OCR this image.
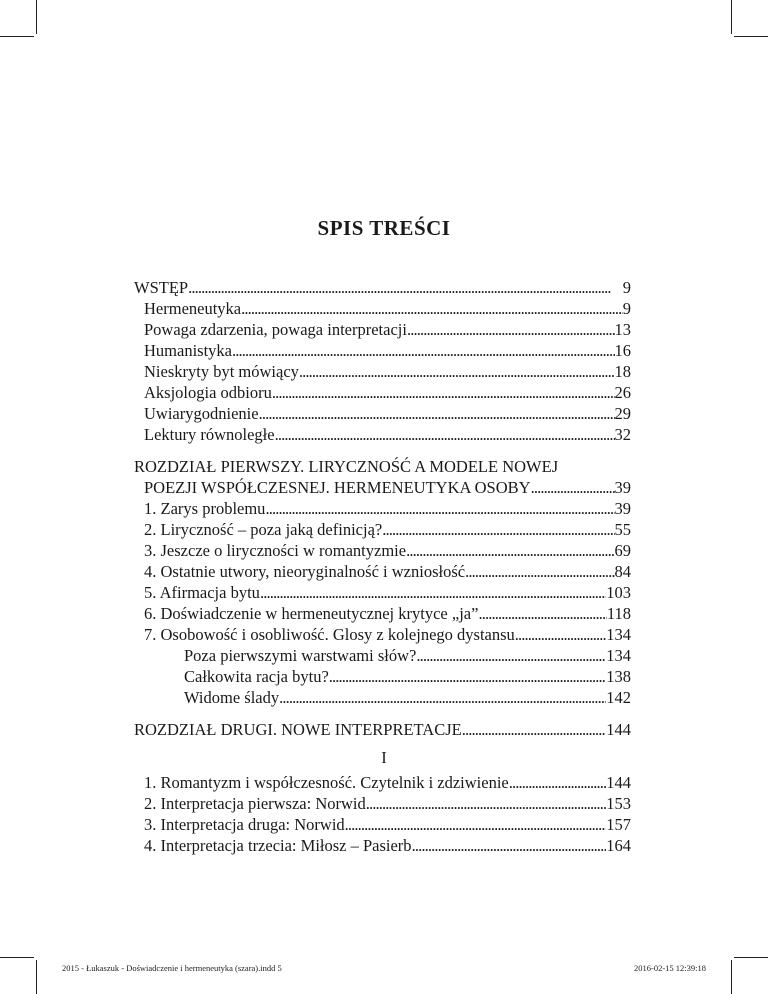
SPIS TREŚCI
WSTĘP . . .	9
Hermeneutyka . . .	9
Powaga zdarzenia, powaga interpretacji . . .	13
Humanistyka . . .	16
Nieskryty byt mówiący . . .	18
Aksjologia odbioru . . .	26
Uwiarygodnienie . . .	29
Lektury równoległe . . .	32
ROZDZIAŁ PIERWSZY. LIRYCZNOŚĆ A MODELE NOWEJ
POEZJI WSPÓŁCZESNEJ. HERMENEUTYKA OSOBY . . .	39
1. Zarys problemu . . .	39
2. Liryczność – poza jaką definicją? . . .	55
3. Jeszcze o liryczności w romantyzmie . . .	69
4. Ostatnie utwory, nieoryginalność i wzniosłość . . .	84
5. Afirmacja bytu . . .	103
6. Doświadczenie w hermeneutycznej krytyce „ja” . . .	118
7. Osobowość i osobliwość. Glosy z kolejnego dystansu . . .	134
Poza pierwszymi warstwami słów? . . .	134
Całkowita racja bytu? . . .	138
Widome ślady . . .	142
ROZDZIAŁ DRUGI. NOWE INTERPRETACJE . . .	144
I
1. Romantyzm i współczesność. Czytelnik i zdziwienie . . .	144
2. Interpretacja pierwsza: Norwid . . .	153
3. Interpretacja druga: Norwid . . .	157
4. Interpretacja trzecia: Miłosz – Pasierb . . .	164
2015 - Łukaszuk - Doświadczenie i hermeneutyka (szara).indd 5	2016-02-15 12:39:18
